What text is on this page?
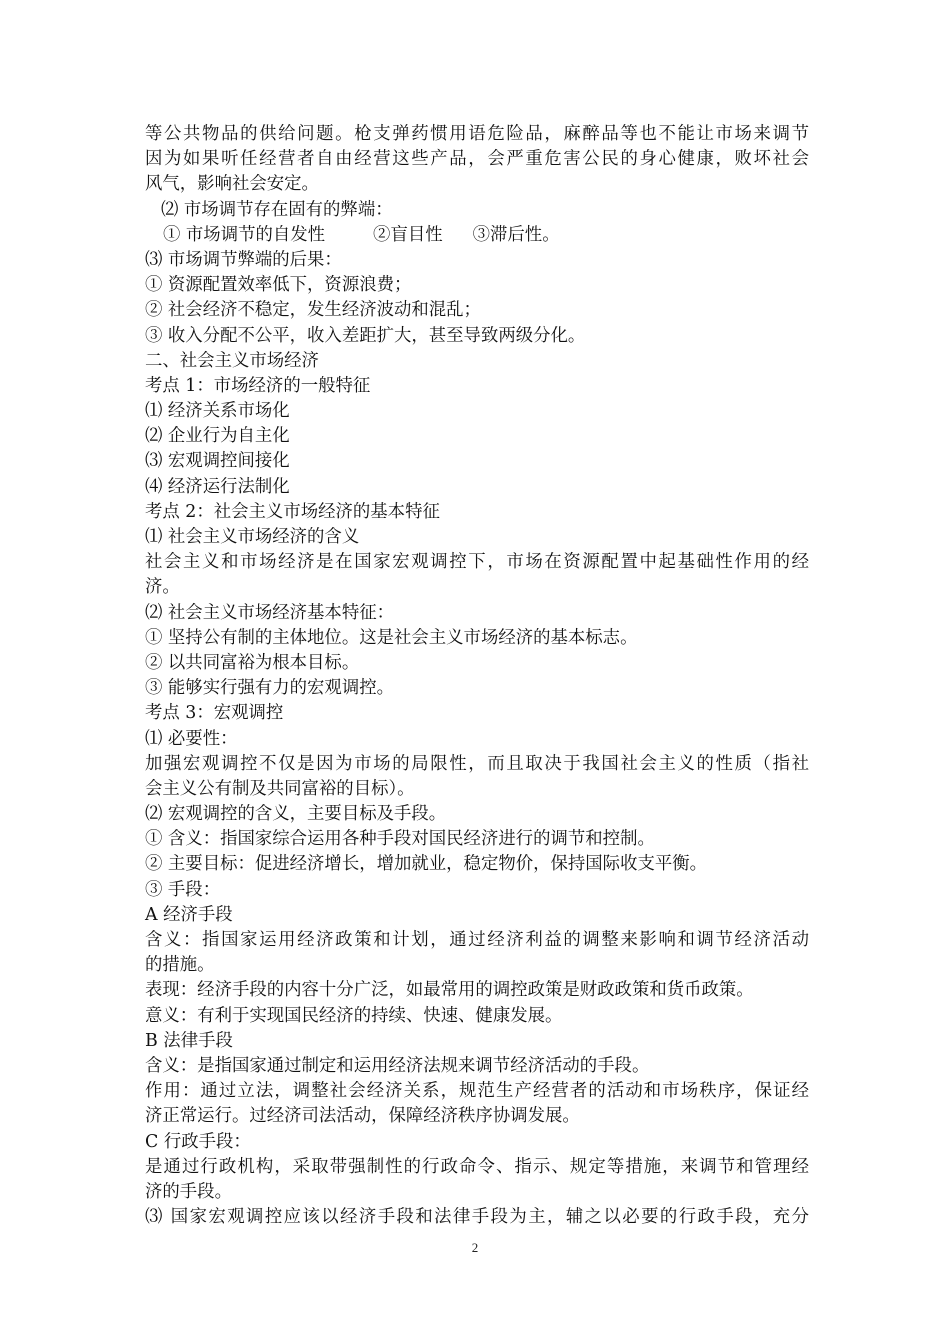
等公共物品的供给问题。枪支弹药惯用语危险品，麻醉品等也不能让市场来调节
因为如果听任经营者自由经营这些产品，会严重危害公民的身心健康，败坏社会
风气，影响社会安定。
⑵ 市场调节存在固有的弊端：
① 市场调节的自发性	②盲目性 ③滞后性。
⑶ 市场调节弊端的后果：
① 资源配置效率低下，资源浪费；
② 社会经济不稳定，发生经济波动和混乱；
③ 收入分配不公平，收入差距扩大，甚至导致两级分化。
二、社会主义市场经济
考点 1：市场经济的一般特征
⑴ 经济关系市场化
⑵ 企业行为自主化
⑶ 宏观调控间接化
⑷ 经济运行法制化
考点 2：社会主义市场经济的基本特征
⑴ 社会主义市场经济的含义
社会主义和市场经济是在国家宏观调控下，市场在资源配置中起基础性作用的经
济。
⑵ 社会主义市场经济基本特征：
① 坚持公有制的主体地位。这是社会主义市场经济的基本标志。
② 以共同富裕为根本目标。
③ 能够实行强有力的宏观调控。
考点 3：宏观调控
⑴ 必要性：
加强宏观调控不仅是因为市场的局限性，而且取决于我国社会主义的性质（指社
会主义公有制及共同富裕的目标）。
⑵ 宏观调控的含义，主要目标及手段。
① 含义：指国家综合运用各种手段对国民经济进行的调节和控制。
② 主要目标：促进经济增长，增加就业，稳定物价，保持国际收支平衡。
③ 手段：
A 经济手段
含义：指国家运用经济政策和计划，通过经济利益的调整来影响和调节经济活动
的措施。
表现：经济手段的内容十分广泛，如最常用的调控政策是财政政策和货币政策。
意义：有利于实现国民经济的持续、快速、健康发展。
B 法律手段
含义：是指国家通过制定和运用经济法规来调节经济活动的手段。
作用：通过立法，调整社会经济关系，规范生产经营者的活动和市场秩序，保证经
济正常运行。过经济司法活动，保障经济秩序协调发展。
C 行政手段：
是通过行政机构，采取带强制性的行政命令、指示、规定等措施，来调节和管理经
济的手段。
⑶ 国家宏观调控应该以经济手段和法律手段为主，辅之以必要的行政手段，充分
2
